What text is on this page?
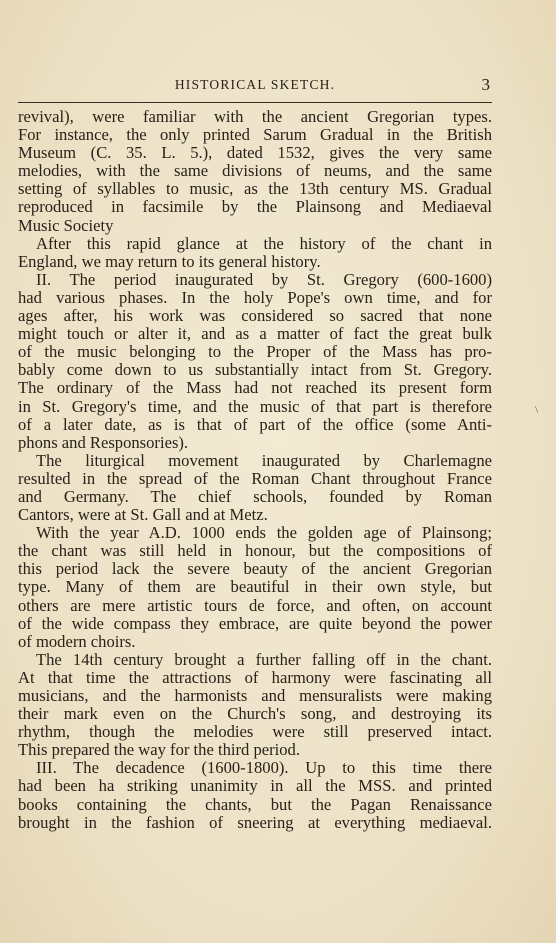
HISTORICAL SKETCH.	3
revival), were familiar with the ancient Gregorian types.
For instance, the only printed Sarum Gradual in the British
Museum (C. 35. L. 5.), dated 1532, gives the very same
melodies, with the same divisions of neums, and the same
setting of syllables to music, as the 13th century MS. Gradual
reproduced in facsimile by the Plainsong and Mediaeval
Music Society
After this rapid glance at the history of the chant in
England, we may return to its general history.
II. The period inaugurated by St. Gregory (600-1600)
had various phases. In the holy Pope's own time, and for
ages after, his work was considered so sacred that none
might touch or alter it, and as a matter of fact the great bulk
of the music belonging to the Proper of the Mass has pro-
bably come down to us substantially intact from St. Gregory.
The ordinary of the Mass had not reached its present form
in St. Gregory's time, and the music of that part is therefore
of a later date, as is that of part of the office (some Anti-
phons and Responsories).
The liturgical movement inaugurated by Charlemagne
resulted in the spread of the Roman Chant throughout France
and Germany. The chief schools, founded by Roman
Cantors, were at St. Gall and at Metz.
With the year A.D. 1000 ends the golden age of Plainsong;
the chant was still held in honour, but the compositions of
this period lack the severe beauty of the ancient Gregorian
type. Many of them are beautiful in their own style, but
others are mere artistic tours de force, and often, on account
of the wide compass they embrace, are quite beyond the power
of modern choirs.
The 14th century brought a further falling off in the chant.
At that time the attractions of harmony were fascinating all
musicians, and the harmonists and mensuralists were making
their mark even on the Church's song, and destroying its
rhythm, though the melodies were still preserved intact.
This prepared the way for the third period.
III. The decadence (1600-1800). Up to this time there
had been ha striking unanimity in all the MSS. and printed
books containing the chants, but the Pagan Renaissance
brought in the fashion of sneering at everything mediaeval.
\
